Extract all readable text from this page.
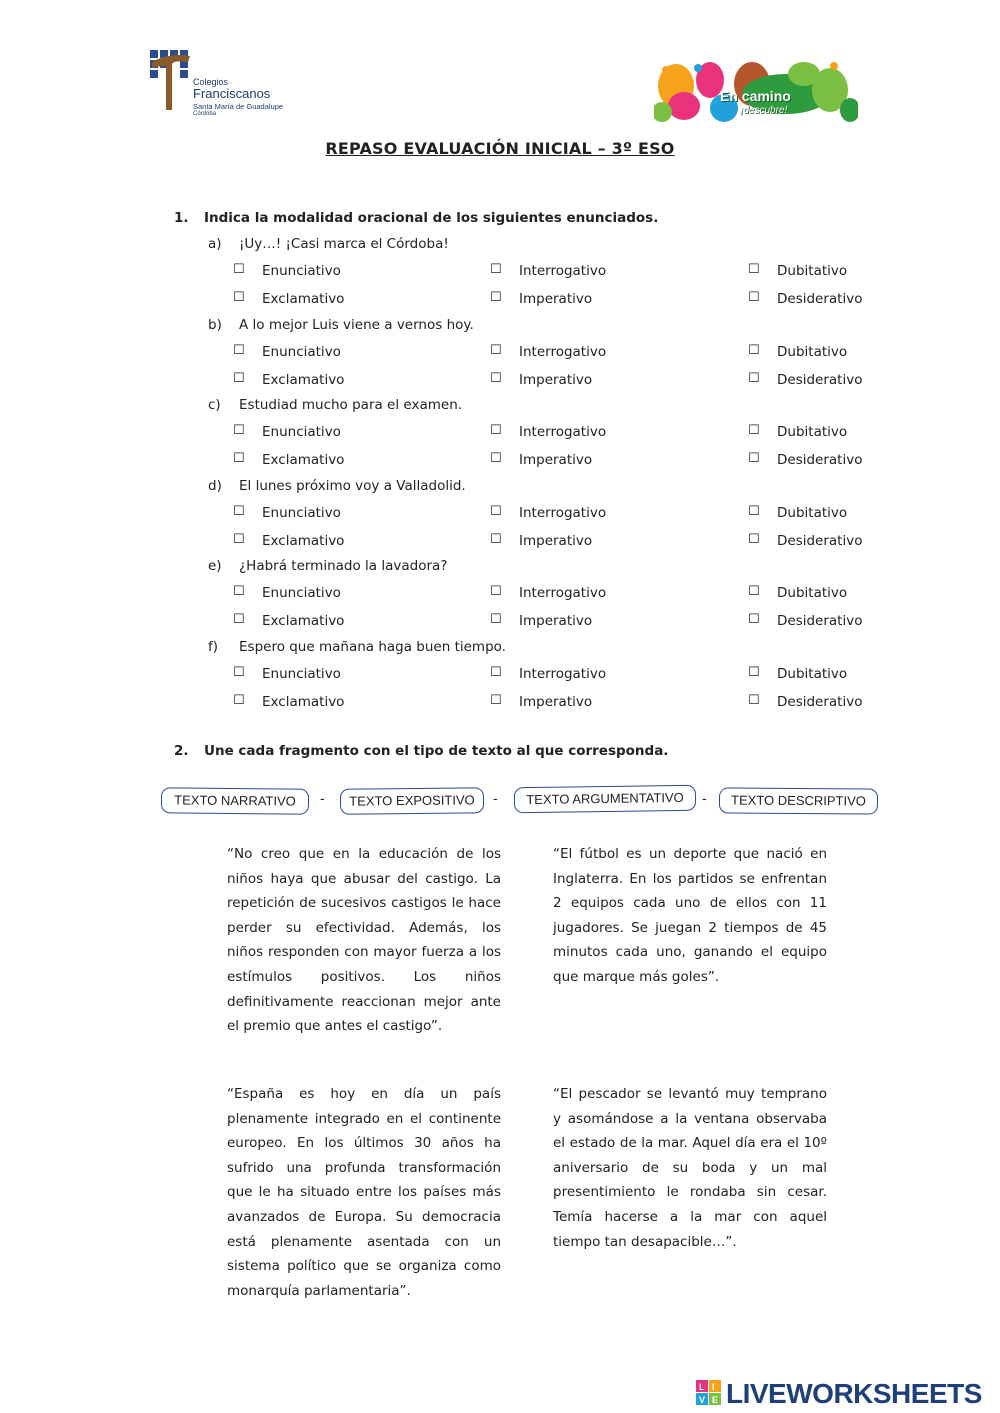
Colegios
Franciscanos
Santa María de Guadalupe
Córdoba
En camino
¡descubre!
REPASO EVALUACIÓN INICIAL – 3º ESO
1. Indica la modalidad oracional de los siguientes enunciados.
a) ¡Uy…! ¡Casi marca el Córdoba!
☐ Enunciativo	☐ Interrogativo	☐ Dubitativo
☐ Exclamativo	☐ Imperativo	☐ Desiderativo
b) A lo mejor Luis viene a vernos hoy.
☐ Enunciativo	☐ Interrogativo	☐ Dubitativo
☐ Exclamativo	☐ Imperativo	☐ Desiderativo
c) Estudiad mucho para el examen.
☐ Enunciativo	☐ Interrogativo	☐ Dubitativo
☐ Exclamativo	☐ Imperativo	☐ Desiderativo
d) El lunes próximo voy a Valladolid.
☐ Enunciativo	☐ Interrogativo	☐ Dubitativo
☐ Exclamativo	☐ Imperativo	☐ Desiderativo
e) ¿Habrá terminado la lavadora?
☐ Enunciativo	☐ Interrogativo	☐ Dubitativo
☐ Exclamativo	☐ Imperativo	☐ Desiderativo
f) Espero que mañana haga buen tiempo.
☐ Enunciativo	☐ Interrogativo	☐ Dubitativo
☐ Exclamativo	☐ Imperativo	☐ Desiderativo
2. Une cada fragmento con el tipo de texto al que corresponda.
TEXTO NARRATIVO	-	TEXTO EXPOSITIVO	-	TEXTO ARGUMENTATIVO	-	TEXTO DESCRIPTIVO
“No creo que en la educación de los niños haya que abusar del castigo. La repetición de sucesivos castigos le hace perder su efectividad. Además, los niños responden con mayor fuerza a los estímulos positivos. Los niños definitivamente reaccionan mejor ante el premio que antes el castigo”.
“El fútbol es un deporte que nació en Inglaterra. En los partidos se enfrentan 2 equipos cada uno de ellos con 11 jugadores. Se juegan 2 tiempos de 45 minutos cada uno, ganando el equipo que marque más goles”.
“España es hoy en día un país plenamente integrado en el continente europeo. En los últimos 30 años ha sufrido una profunda transformación que le ha situado entre los países más avanzados de Europa. Su democracia está plenamente asentada con un sistema político que se organiza como monarquía parlamentaria”.
“El pescador se levantó muy temprano y asomándose a la ventana observaba el estado de la mar. Aquel día era el 10º aniversario de su boda y un mal presentimiento le rondaba sin cesar. Temía hacerse a la mar con aquel tiempo tan desapacible…”.
L I
V E LIVEWORKSHEETS
